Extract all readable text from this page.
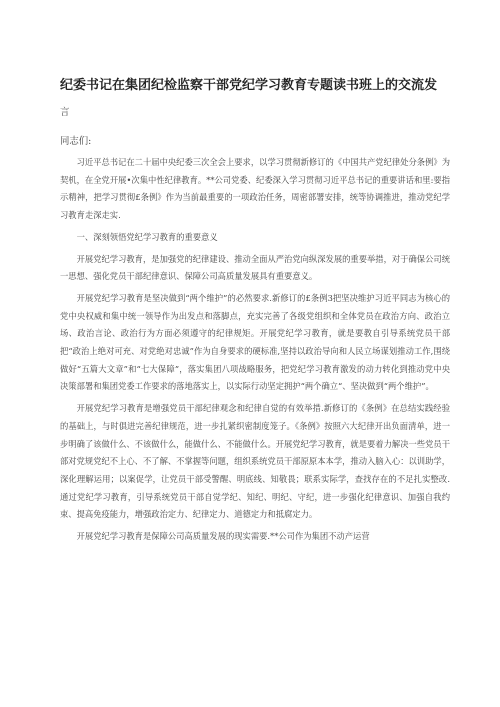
纪委书记在集团纪检监察干部党纪学习教育专题读书班上的交流发
言
同志们:

习近平总书记在二十届中央纪委三次全会上要求，以学习贯彻新修订的《中国共产党纪律处分条例》为契机，在全党开展•次集中性纪律教育。**公司党委、纪委深入学习贯彻习近平总书记的重要讲话和里:要指示精神，把学习贯彻£条例》作为当前最重要的一项政治任务，周密部署安排，统等协调推进，推动党纪学习教育走深走实.

一、深刻领悟党纪学习教育的重要意义

开展党纪学习教育，是加强党的纪律建设、推动全面从严治党向纵深发展的重要举措，对于确保公司统一思想、强化党员干部纪律意识、保障公司高质量发展具有重要意义。

开展党纪学习教育是坚决做到“两个维护”的必然要求.新修订的£条例3把坚决维护习近平同志为核心的党中央权威和集中统一领导作为出发点和落脚点，充实完善了各级党组织和全体党员在政治方向、政治立场、政治言论、政治行为方面必须遵守的纪律规矩。开展党纪学习教育，就是要教自引导系统党员干部把“政治上绝对可充、对党绝对忠诚”作为自身要求的硬标准,坚持以政治导向和人民立场谋划推动工作,围绕做好“五篇大文章”和“七大保障”，落实集团八项战略服务，把党纪学习教育激发的动力转化到推动党中央决策部署和集团党委工作要求的落地落实上，以实际行动坚定拥护“两个确立“、坚决做到“两个维护”。

开展党纪学习教育是增强党员干部纪律观念和纪律自觉的有效举措.新修订的《条例》在总结实践经验的基础上，与时俱进完善纪律规范，进一步扎紧织密制度笼子。《条例》按照六大纪律开出负面清单，进一步明确了该做什么、不该做什么，能做什么、不能做什么。开展党纪学习教育，就是要着力解决一些党员干部对党规党纪不上心、不了解、不掌握等问题，组织系统党员干部原原本本学，推动入脑入心：以训助学，深化理解运用；以案促学，让党员干部受警醒、明底线、知敬畏；联系实际学，查找存在的不足扎实整改.通过党纪学习教育，引导系统党员干部自觉学纪、知纪、明纪、守纪，进一步强化纪律意识、加强自我约束、提高免疫能力，增强政治定力、纪律定力、道德定力和抵腐定力。

开展党纪学习教育是保障公司高质量发展的现实需要.**公司作为集团不动产运营
